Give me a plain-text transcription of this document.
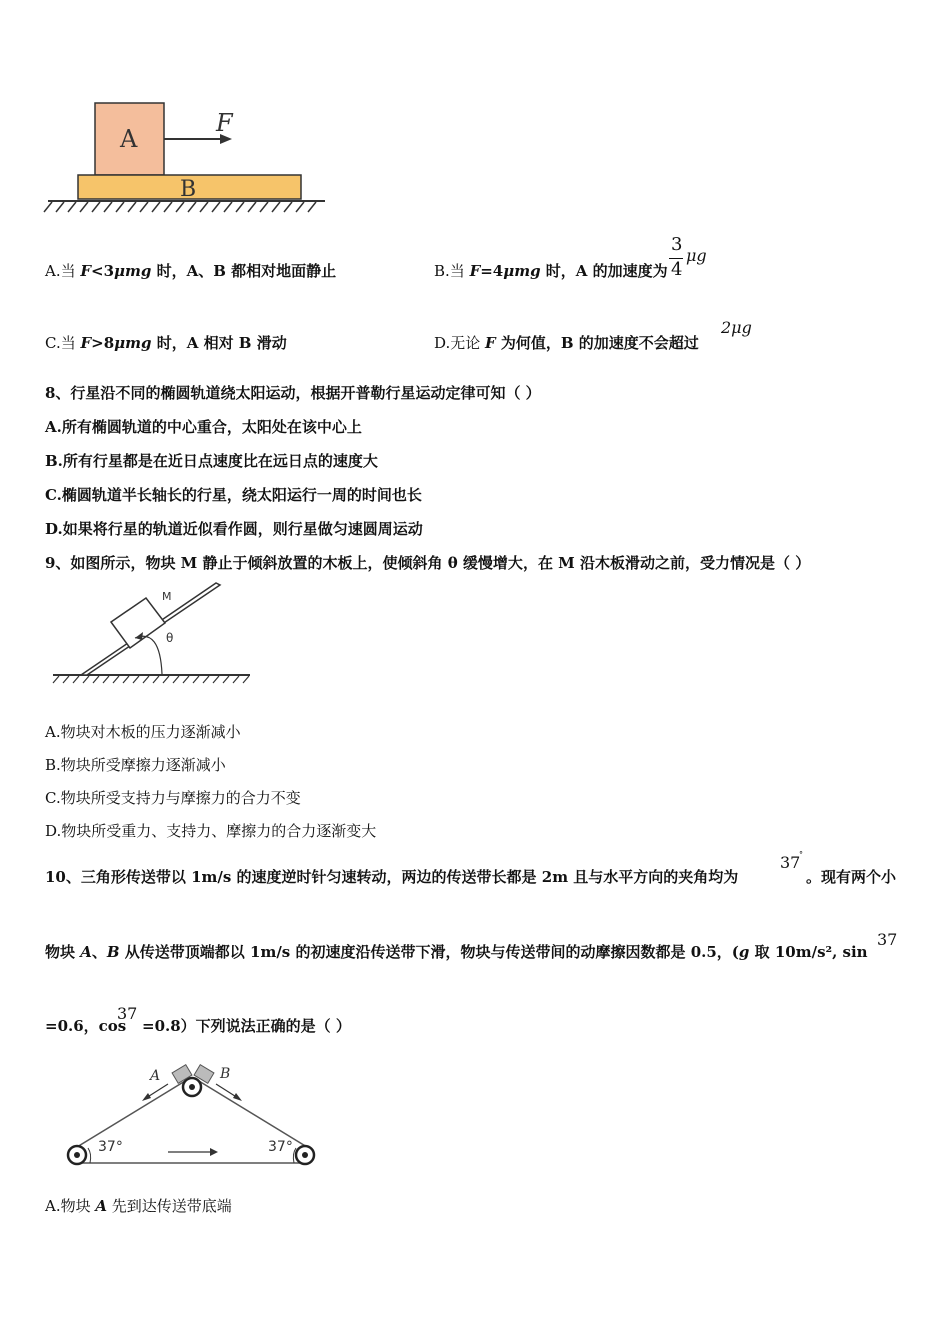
A
F
B
A.当 F<3μmg 时，A、B 都相对地面静止	B.当 F=4μmg 时，A 的加速度为
3
4
μg
C.当 F>8μmg 时，A 相对 B 滑动	D.无论 F 为何值，B 的加速度不会超过
2μg
8、行星沿不同的椭圆轨道绕太阳运动，根据开普勒行星运动定律可知（ ）
A.所有椭圆轨道的中心重合，太阳处在该中心上
B.所有行星都是在近日点速度比在远日点的速度大
C.椭圆轨道半长轴长的行星，绕太阳运行一周的时间也长
D.如果将行星的轨道近似看作圆，则行星做匀速圆周运动
9、如图所示，物块 M 静止于倾斜放置的木板上，使倾斜角 θ 缓慢增大，在 M 沿木板滑动之前，受力情况是（ ）
M
θ
A.物块对木板的压力逐渐减小
B.物块所受摩擦力逐渐减小
C.物块所受支持力与摩擦力的合力不变
D.物块所受重力、支持力、摩擦力的合力逐渐变大
10、三角形传送带以 1m/s 的速度逆时针匀速转动，两边的传送带长都是 2m 且与水平方向的夹角均为
37
°
。现有两个小
物块 A、B 从传送带顶端都以 1m/s 的初速度沿传送带下滑，物块与传送带间的动摩擦因数都是 0.5，(g 取 10m/s², sin
37
=0.6，cos
37
=0.8）下列说法正确的是（ ）
A	B
37°	37°
A.物块 A 先到达传送带底端
